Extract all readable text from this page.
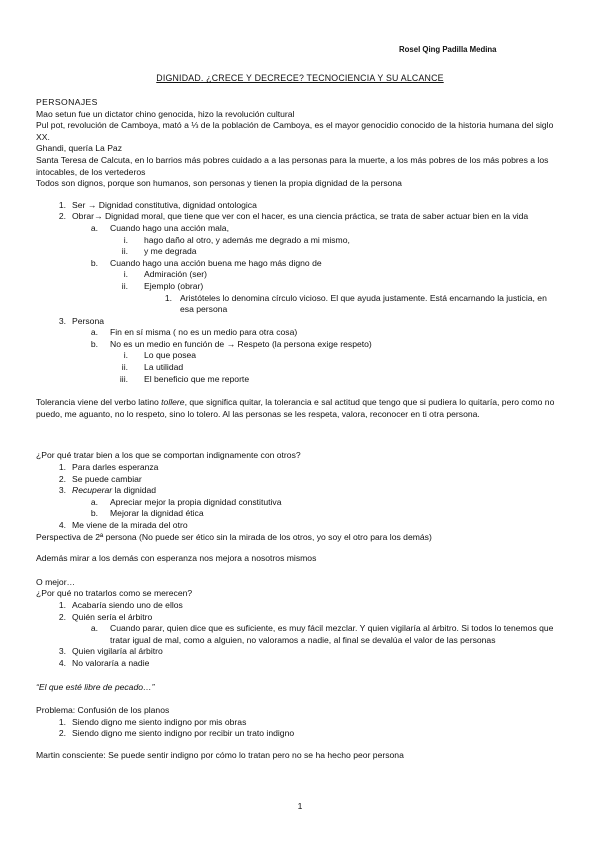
Rosel Qing Padilla Medina
DIGNIDAD. ¿CRECE Y DECRECE? TECNOCIENCIA Y SU ALCANCE

PERSONAJES

Mao setun fue un dictator chino genocida, hizo la revolución cultural

Pul pot, revolución de Camboya, mató a ⅓ de la población de Camboya, es el mayor genocidio conocido de la historia humana del siglo XX.

Ghandi, quería La Paz

Santa Teresa de Calcuta, en lo barrios más pobres cuidado a a las personas para la muerte, a los más pobres de los más pobres a los intocables, de los vertederos

Todos son dignos, porque son humanos, son personas y tienen la propia dignidad de la persona

1. Ser → Dignidad constitutiva, dignidad ontologica
2. Obrar→ Dignidad moral, que tiene que ver con el hacer, es una ciencia práctica, se trata de saber actuar bien en la vida
a. Cuando hago una acción mala,
i. hago daño al otro, y además me degrado a mi mismo,
ii. y me degrada
b. Cuando hago una acción buena me hago más digno de
i. Admiración (ser)
ii. Ejemplo (obrar)
1. Aristóteles lo denomina círculo vicioso. El que ayuda justamente. Está encarnando la justicia, en esa persona
3. Persona
a. Fin en sí misma ( no es un medio para otra cosa)
b. No es un medio en función de → Respeto (la persona exige respeto)
i. Lo que posea
ii. La utilidad
iii. El beneficio que me reporte

Tolerancia viene del verbo latino tollere, que significa quitar, la tolerancia e sal actitud que tengo que si pudiera lo quitaría, pero como no puedo, me aguanto, no lo respeto, sino lo tolero. Al las personas se les respeta, valora, reconocer en ti otra persona.

¿Por qué tratar bien a los que se comportan indignamente con otros?

1. Para darles esperanza
2. Se puede cambiar
3. Recuperar la dignidad
a. Apreciar mejor la propia dignidad constitutiva
b. Mejorar la dignidad ética
4. Me viene de la mirada del otro

Perspectiva de 2ª persona (No puede ser ético sin la mirada de los otros, yo soy el otro para los demás)

Además mirar a los demás con esperanza nos mejora a nosotros mismos

O mejor…

¿Por qué no tratarlos como se merecen?

1. Acabaría siendo uno de ellos
2. Quién sería el árbitro
a. Cuando parar, quien dice que es suficiente, es muy fácil mezclar. Y quien vigilaría al árbitro. Si todos lo tenemos que tratar igual de mal, como a alguien, no valoramos a nadie, al final se devalúa el valor de las personas
3. Quien vigilaría al árbitro
4. No valoraría a nadie

“El que esté libre de pecado…”

Problema: Confusión de los planos

1. Siendo digno me siento indigno por mis obras
2. Siendo digno me siento indigno por recibir un trato indigno

Martin consciente: Se puede sentir indigno por cómo lo tratan pero no se ha hecho peor persona

1
